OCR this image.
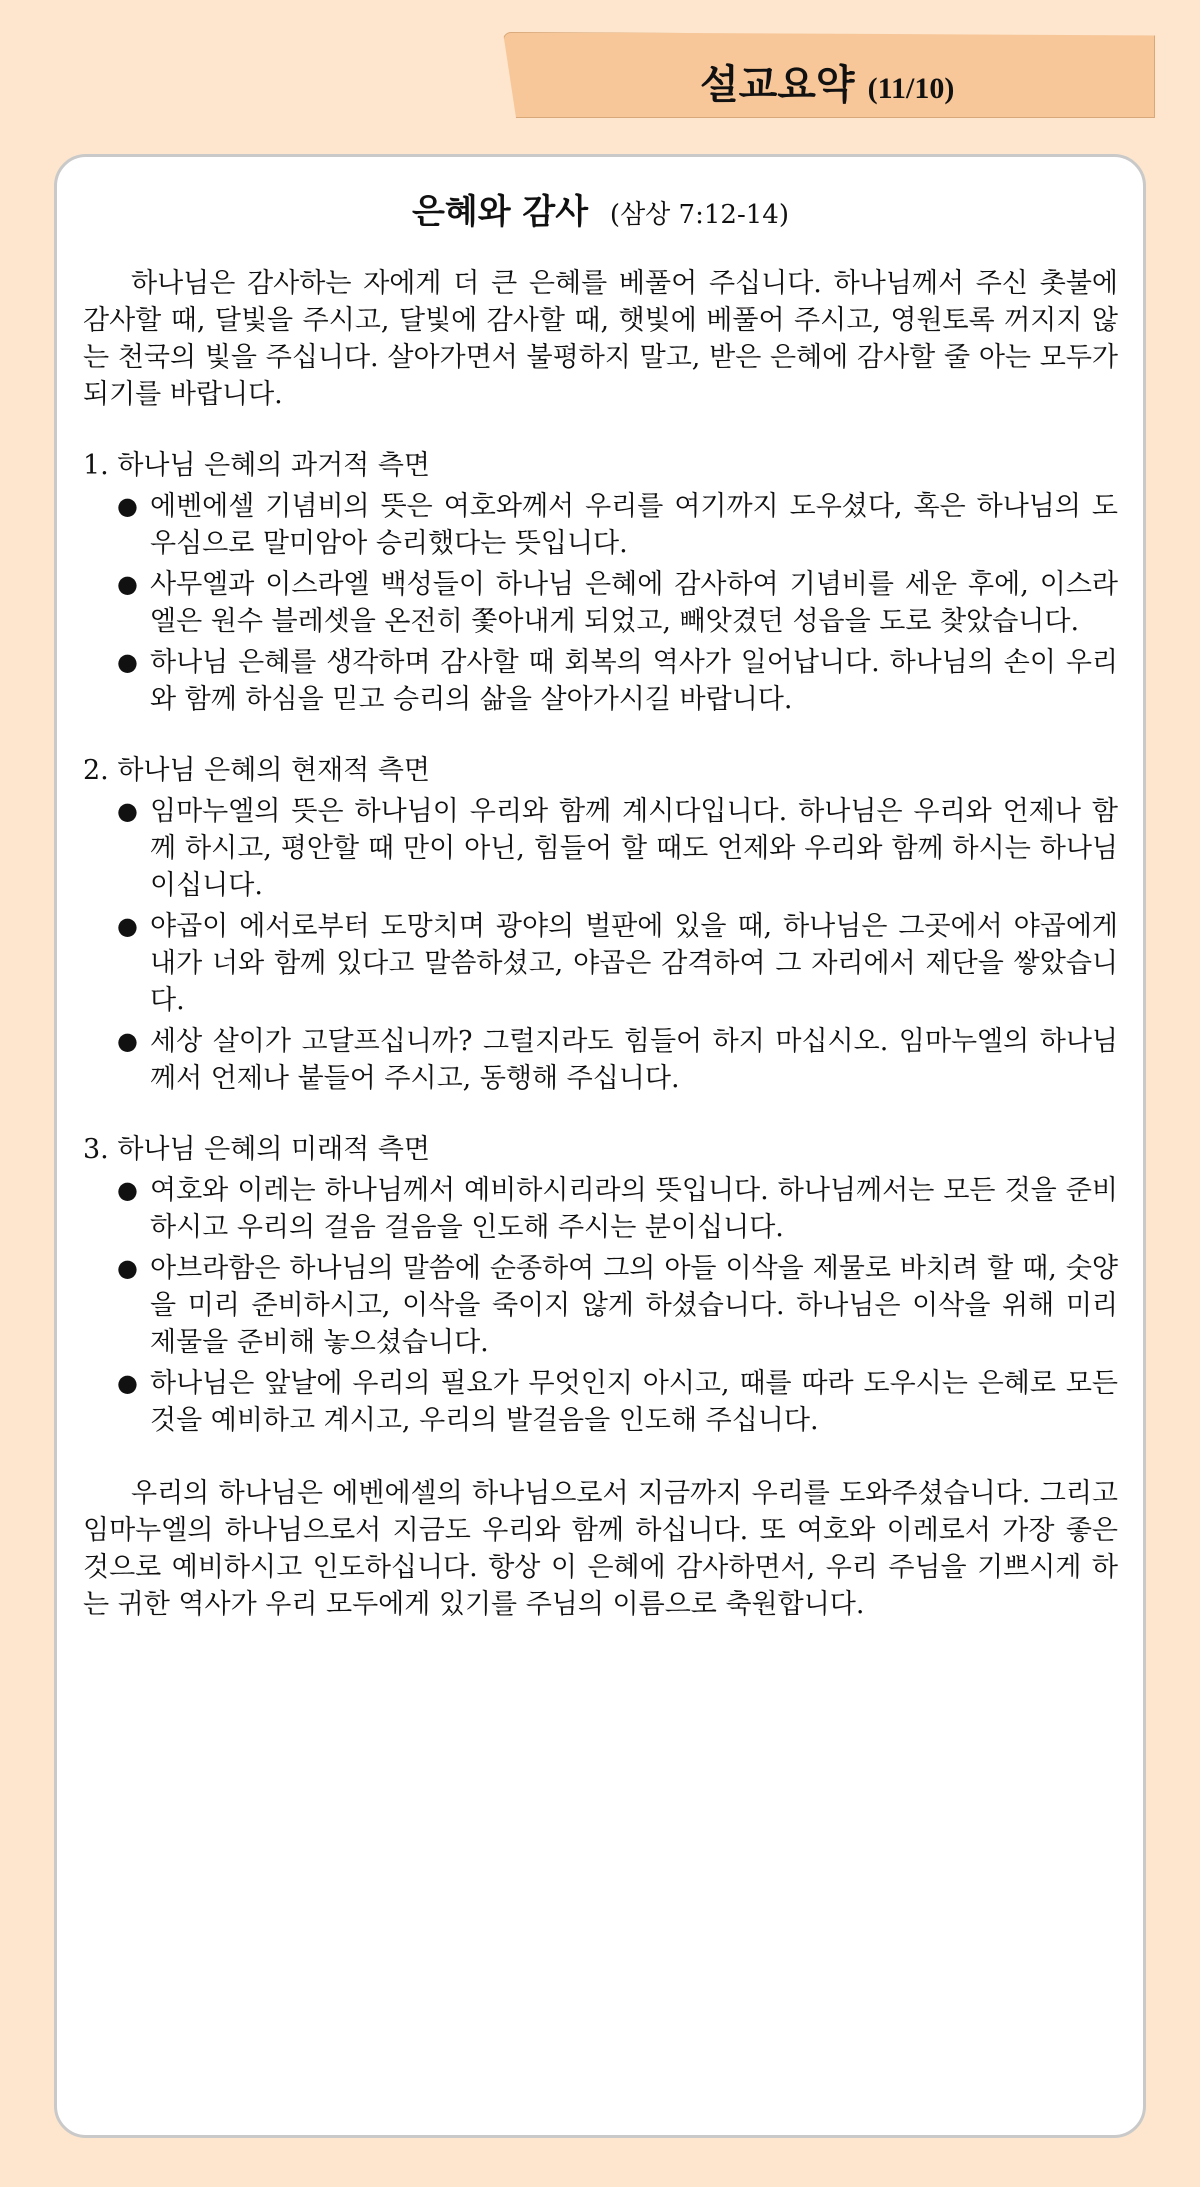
설교요약 (11/10)
은혜와 감사 (삼상 7:12-14)

하나님은 감사하는 자에게 더 큰 은혜를 베풀어 주십니다. 하나님께서 주신 촛불에 감사할 때, 달빛을 주시고, 달빛에 감사할 때, 햇빛에 베풀어 주시고, 영원토록 꺼지지 않는 천국의 빛을 주십니다. 살아가면서 불평하지 말고, 받은 은혜에 감사할 줄 아는 모두가 되기를 바랍니다.

1. 하나님 은혜의 과거적 측면

● 에벤에셀 기념비의 뜻은 여호와께서 우리를 여기까지 도우셨다, 혹은 하나님의 도우심으로 말미암아 승리했다는 뜻입니다.
● 사무엘과 이스라엘 백성들이 하나님 은혜에 감사하여 기념비를 세운 후에, 이스라엘은 원수 블레셋을 온전히 쫓아내게 되었고, 빼앗겼던 성읍을 도로 찾았습니다.
● 하나님 은혜를 생각하며 감사할 때 회복의 역사가 일어납니다. 하나님의 손이 우리와 함께 하심을 믿고 승리의 삶을 살아가시길 바랍니다.

2. 하나님 은혜의 현재적 측면

● 임마누엘의 뜻은 하나님이 우리와 함께 계시다입니다. 하나님은 우리와 언제나 함께 하시고, 평안할 때 만이 아닌, 힘들어 할 때도 언제와 우리와 함께 하시는 하나님이십니다.
● 야곱이 에서로부터 도망치며 광야의 벌판에 있을 때, 하나님은 그곳에서 야곱에게 내가 너와 함께 있다고 말씀하셨고, 야곱은 감격하여 그 자리에서 제단을 쌓았습니다.
● 세상 살이가 고달프십니까? 그럴지라도 힘들어 하지 마십시오. 임마누엘의 하나님께서 언제나 붙들어 주시고, 동행해 주십니다.

3. 하나님 은혜의 미래적 측면

● 여호와 이레는 하나님께서 예비하시리라의 뜻입니다. 하나님께서는 모든 것을 준비하시고 우리의 걸음 걸음을 인도해 주시는 분이십니다.
● 아브라함은 하나님의 말씀에 순종하여 그의 아들 이삭을 제물로 바치려 할 때, 숫양을 미리 준비하시고, 이삭을 죽이지 않게 하셨습니다. 하나님은 이삭을 위해 미리 제물을 준비해 놓으셨습니다.
● 하나님은 앞날에 우리의 필요가 무엇인지 아시고, 때를 따라 도우시는 은혜로 모든 것을 예비하고 계시고, 우리의 발걸음을 인도해 주십니다.

우리의 하나님은 에벤에셀의 하나님으로서 지금까지 우리를 도와주셨습니다. 그리고 임마누엘의 하나님으로서 지금도 우리와 함께 하십니다. 또 여호와 이레로서 가장 좋은 것으로 예비하시고 인도하십니다. 항상 이 은혜에 감사하면서, 우리 주님을 기쁘시게 하는 귀한 역사가 우리 모두에게 있기를 주님의 이름으로 축원합니다.
